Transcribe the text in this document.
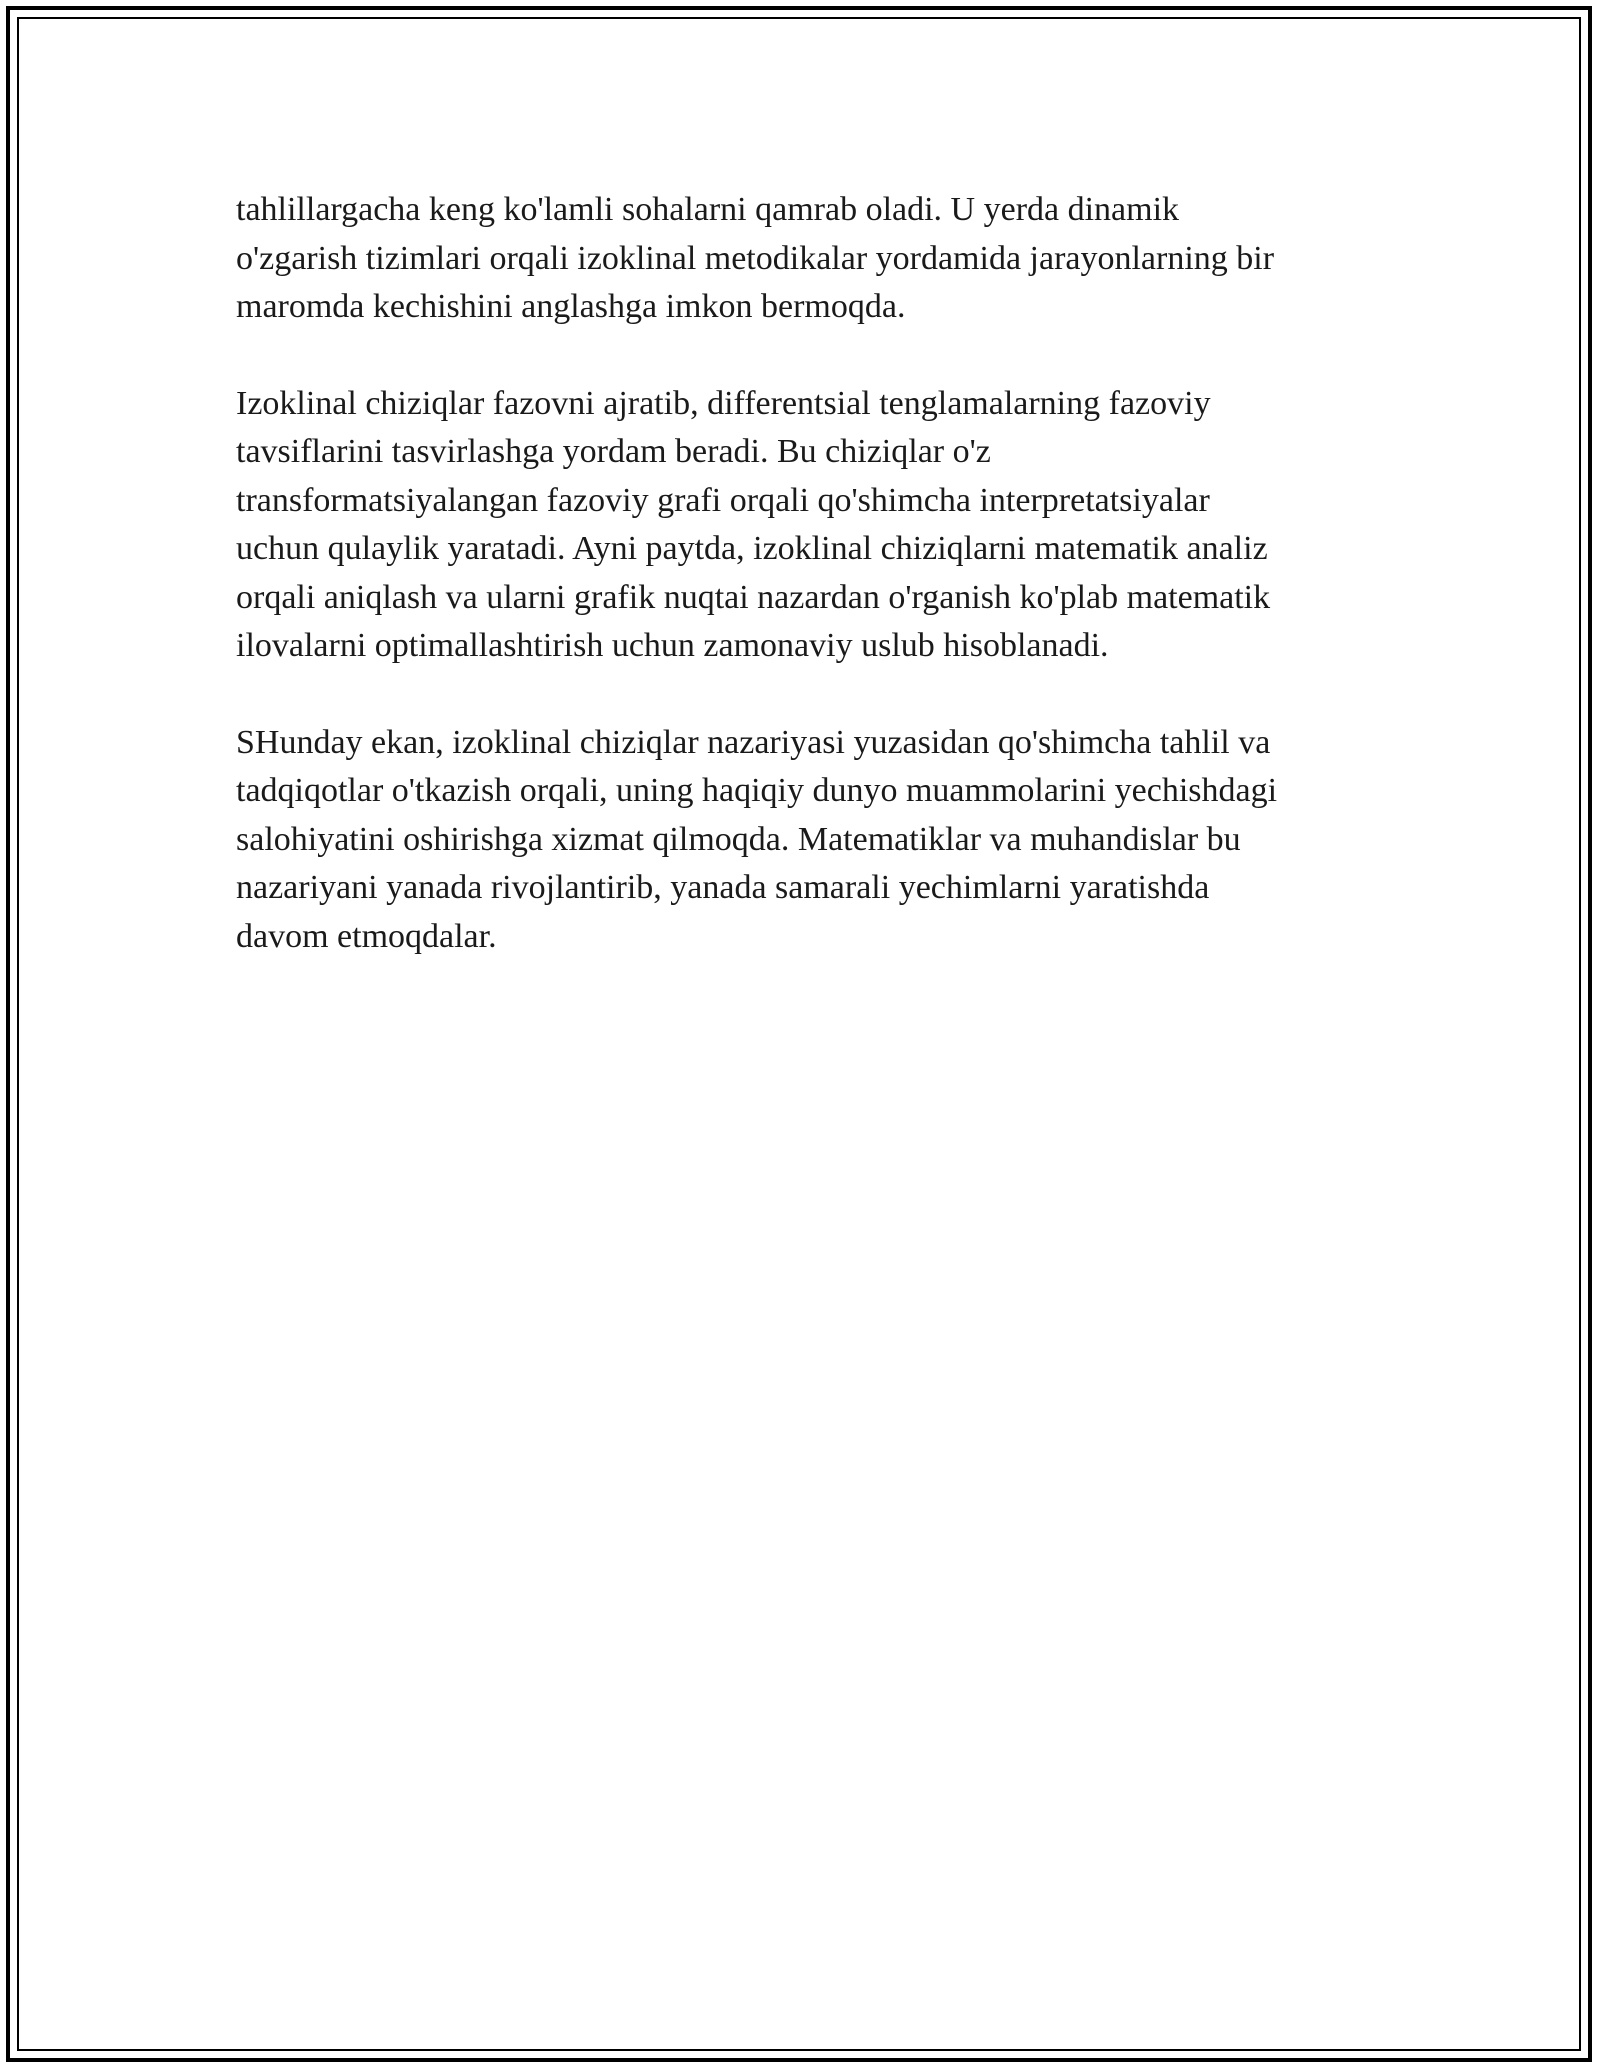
tahlillargacha keng ko'lamli sohalarni qamrab oladi. U yerda dinamik
o'zgarish tizimlari orqali izoklinal metodikalar yordamida jarayonlarning bir
maromda kechishini anglashga imkon bermoqda.

Izoklinal chiziqlar fazovni ajratib, differentsial tenglamalarning fazoviy
tavsiflarini tasvirlashga yordam beradi. Bu chiziqlar o'z
transformatsiyalangan fazoviy grafi orqali qo'shimcha interpretatsiyalar
uchun qulaylik yaratadi. Ayni paytda, izoklinal chiziqlarni matematik analiz
orqali aniqlash va ularni grafik nuqtai nazardan o'rganish ko'plab matematik
ilovalarni optimallashtirish uchun zamonaviy uslub hisoblanadi.

SHunday ekan, izoklinal chiziqlar nazariyasi yuzasidan qo'shimcha tahlil va
tadqiqotlar o'tkazish orqali, uning haqiqiy dunyo muammolarini yechishdagi
salohiyatini oshirishga xizmat qilmoqda. Matematiklar va muhandislar bu
nazariyani yanada rivojlantirib, yanada samarali yechimlarni yaratishda
davom etmoqdalar.
